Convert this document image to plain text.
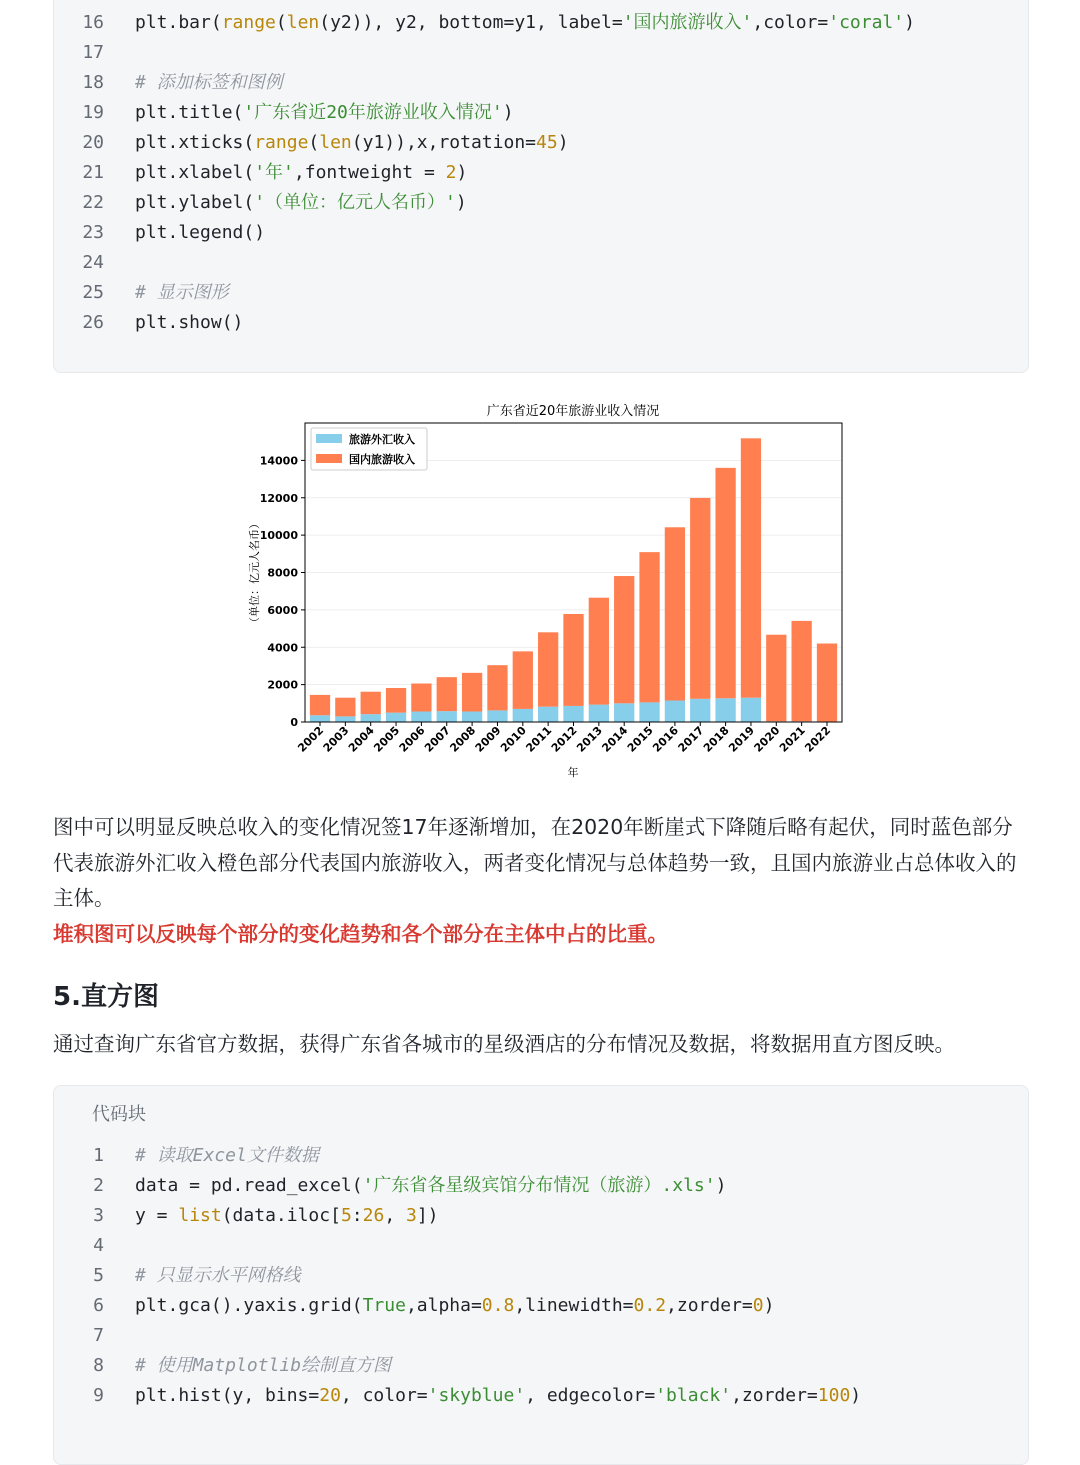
16 plt.bar(range(len(y2)), y2, bottom=y1, label='国内旅游收入',color='coral')
17
18 # 添加标签和图例
19 plt.title('广东省近20年旅游业收入情况')
20 plt.xticks(range(len(y1)),x,rotation=45)
21 plt.xlabel('年',fontweight = 2)
22 plt.ylabel('（单位：亿元人名币）')
23 plt.legend()
24
25 # 显示图形
26 plt.show()
广东省近20年旅游业收入情况
0
2000
4000
6000
8000
10000
12000
14000
2002
2003
2004
2005
2006
2007
2008
2009
2010
2011
2012
2013
2014
2015
2016
2017
2018
2019
2020
2021
2022
（单位：亿元人名币）
年
旅游外汇收入
国内旅游收入

图中可以明显反映总收入的变化情况签17年逐渐增加，在2020年断崖式下降随后略有起伏，同时蓝色部分代表旅游外汇收入橙色部分代表国内旅游收入，两者变化情况与总体趋势一致，且国内旅游业占总体收入的主体。

堆积图可以反映每个部分的变化趋势和各个部分在主体中占的比重。
5.直方图

通过查询广东省官方数据，获得广东省各城市的星级酒店的分布情况及数据，将数据用直方图反映。

代码块
1 # 读取Excel文件数据
2 data = pd.read_excel('广东省各星级宾馆分布情况（旅游）.xls')
3 y = list(data.iloc[5:26, 3])
4
5 # 只显示水平网格线
6 plt.gca().yaxis.grid(True,alpha=0.8,linewidth=0.2,zorder=0)
7
8 # 使用Matplotlib绘制直方图
9 plt.hist(y, bins=20, color='skyblue', edgecolor='black',zorder=100)
